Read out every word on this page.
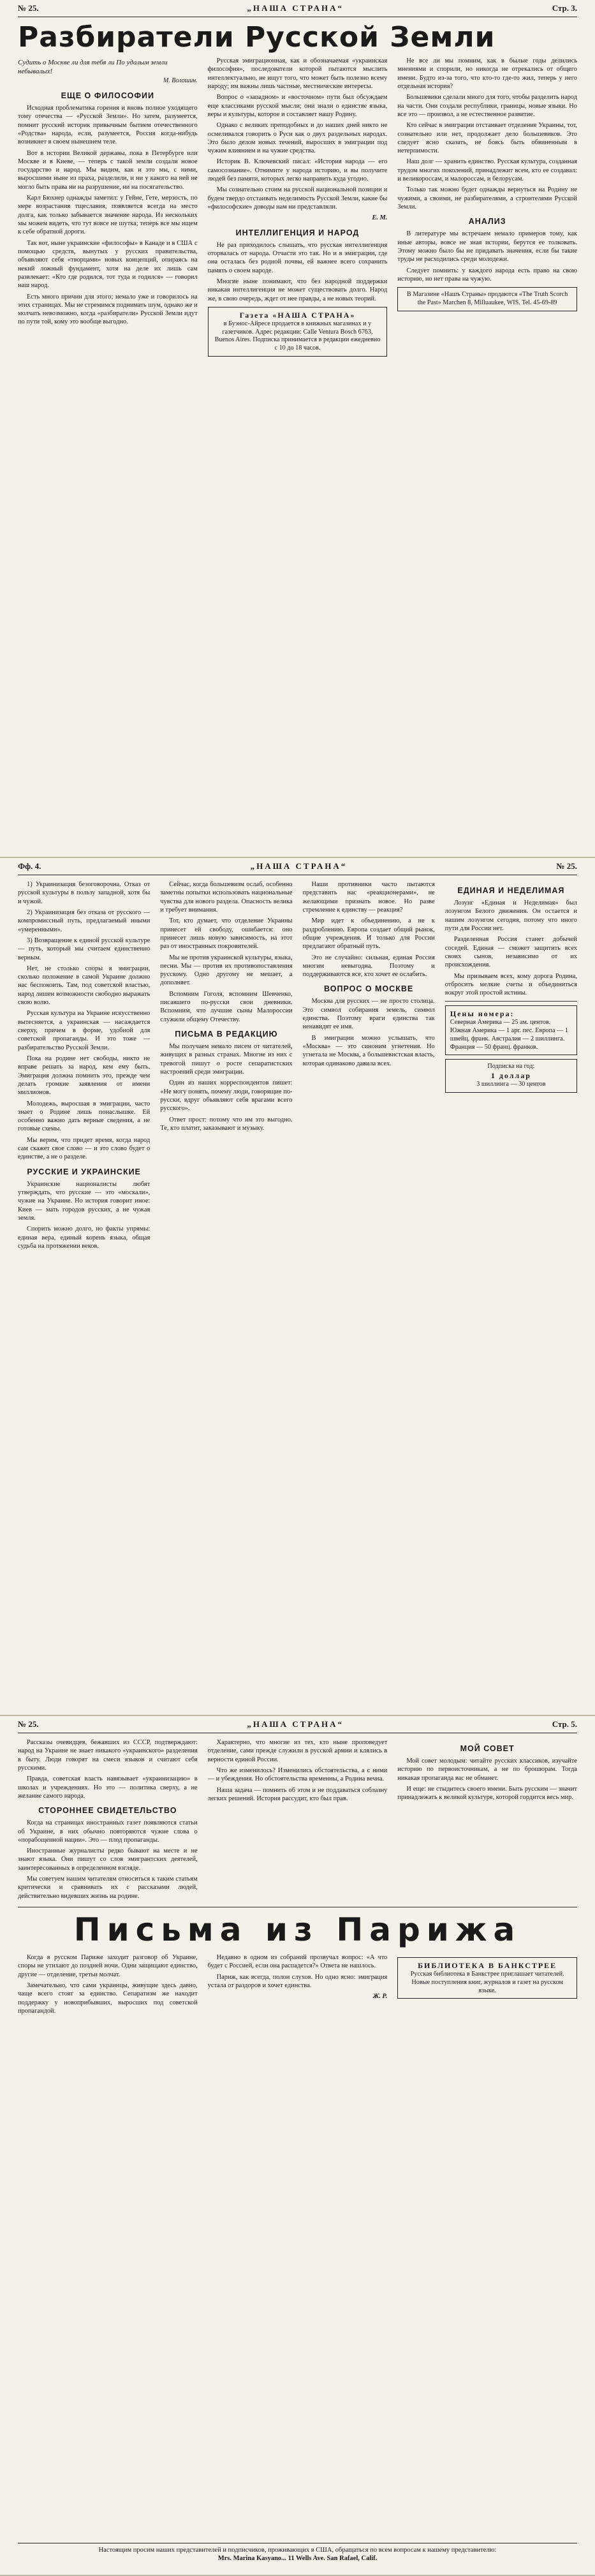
№ 25.	„НАША СТРАНА“	Стр. 3.
Разбиратели Русской Земли
Судить о Москве ли для тебя ли По удалым земли небывалых!
М. Волошин.
ЕЩЕ О ФИЛОСОФИИ

Исходная проблематика горения и вновь полное уходящего тому отечества — «Русской Земли». Но затем, разумеется, помнит русский историк привычным бытием отечественного «Родства» народа, если, разумеется, Россия когда-нибудь возникнет в своем нынешнем теле.

Вот в истории Великой державы, пока в Петербурге или Москве и в Киеве, — теперь с такой земли создали новое государство и народ. Мы видим, как и это мы, с ними, выросшими ныне из праха, разделили, и ни у какого на ней не могло быть права ни на разрушение, ни на посягательство.

Карл Бюхнер однажды заметил: у Гейне, Гете, мерзость, по мере возрастания тщеславия, появляется всегда на место долга, как только забывается значение народа. Из нескольких мы можем видеть, что тут вовсе не шутка; теперь все мы ищем к себе обратной дороги.

Так вот, ныне украинские «философы» в Канаде и в США с помощью средств, вынутых у русских правительства, объявляют себя «творцами» новых концепций, опираясь на некий ложный фундамент, хотя на деле их лишь сам развлекает: «Кто где родился, тот туда и годился» — говорил наш народ.

Есть много причин для этого; немало уже и говорилось на этих страницах. Мы не стремимся поднимать шум, однако же и молчать невозможно, когда «разбиратели» Русской Земли идут по пути той, кому это вообще выгодно.

Русская эмиграционная, как и обозначаемая «украинская философия», последователи которой пытаются мыслить интеллектуально, не ищут того, что может быть полезно всему народу; им важны лишь частные, местнические интересы.

Вопрос о «западном» и «восточном» пути был обсуждаем еще классиками русской мысли; они знали о единстве языка, веры и культуры, которое и составляет нашу Родину.

Однако с великих преподобных и до наших дней никто не осмеливался говорить о Руси как о двух раздельных народах. Это было делом новых течений, выросших в эмиграции под чужим влиянием и на чужие средства.

Историк В. Ключевский писал: «История народа — его самосознание». Отнимите у народа историю, и вы получите людей без памяти, которых легко направить куда угодно.

Мы сознательно стоим на русской национальной позиции и будем твердо отстаивать неделимость Русской Земли, какие бы «философские» доводы нам ни представляли.

Е. М.
ИНТЕЛЛИГЕНЦИЯ И НАРОД

Не раз приходилось слышать, что русская интеллигенция оторвалась от народа. Отчасти это так. Но и в эмиграции, где она осталась без родной почвы, ей важнее всего сохранить память о своем народе.

Многие ныне понимают, что без народной поддержки никакая интеллигенция не может существовать долго. Народ же, в свою очередь, ждет от нее правды, а не новых теорий.

Газета «НАША СТРАНА»
в Буэнос-Айресе продается в книжных магазинах и у газетчиков. Адрес редакции: Calle Ventura Bosch 6763, Buenos Aires. Подписка принимается в редакции ежедневно с 10 до 18 часов.

Не все ли мы помним, как в былые годы делились мнениями и спорили, но никогда не отрекались от общего имени. Будто из-за того, что кто-то где-то жил, теперь у него отдельная история?

Большевики сделали много для того, чтобы разделить народ на части. Они создали республики, границы, новые языки. Но все это — произвол, а не естественное развитие.

Кто сейчас в эмиграции отстаивает отделение Украины, тот, сознательно или нет, продолжает дело большевиков. Это следует ясно сказать, не боясь быть обвиненным в нетерпимости.

Наш долг — хранить единство. Русская культура, созданная трудом многих поколений, принадлежит всем, кто ее создавал: и великороссам, и малороссам, и белорусам.

Только так можно будет однажды вернуться на Родину не чужими, а своими, не разбирателями, а строителями Русской Земли.

АНАЛИЗ

В литературе мы встречаем немало примеров тому, как иные авторы, вовсе не зная истории, берутся ее толковать. Этому можно было бы не придавать значения, если бы такие труды не расходились среди молодежи.

Следует помнить: у каждого народа есть право на свою историю, но нет права на чужую.

В Магазине «Нашъ Страны» продаются «The Truth Scorch the Past» Marchen 8, Milluaukee, WIS. Tel. 45-69-89
Фф. 4.	„НАША СТРАНА“	№ 25.

1) Украинизация безоговорочна. Отказ от русской культуры в пользу западной, хотя бы и чужой.

2) Украинизация без отказа от русского — компромиссный путь, предлагаемый иными «умеренными».

3) Возвращение к единой русской культуре — путь, который мы считаем единственно верным.

Нет, не столько споры в эмиграции, сколько положение в самой Украине должно нас беспокоить. Там, под советской властью, народ лишен возможности свободно выражать свою волю.

Русская культура на Украине искусственно вытесняется, а украинская — насаждается сверху, причем в форме, удобной для советской пропаганды. И это тоже — разбирательство Русской Земли.

Пока на родине нет свободы, никто не вправе решать за народ, кем ему быть. Эмиграция должна помнить это, прежде чем делать громкие заявления от имени миллионов.

Молодежь, выросшая в эмиграции, часто знает о Родине лишь понаслышке. Ей особенно важно дать верные сведения, а не готовые схемы.

Мы верим, что придет время, когда народ сам скажет свое слово — и это слово будет о единстве, а не о разделе.

РУССКИЕ И УКРАИНСКИЕ

Украинские националисты любят утверждать, что русские — это «москали», чужие на Украине. Но история говорит иное: Киев — мать городов русских, а не чужая земля.

Спорить можно долго, но факты упрямы: единая вера, единый корень языка, общая судьба на протяжении веков.

Сейчас, когда большевизм ослаб, особенно заметны попытки использовать национальные чувства для нового раздела. Опасность велика и требует внимания.

Тот, кто думает, что отделение Украины принесет ей свободу, ошибается: оно принесет лишь новую зависимость, на этот раз от иностранных покровителей.

Мы не против украинской культуры, языка, песни. Мы — против их противопоставления русскому. Одно другому не мешает, а дополняет.

Вспомним Гоголя, вспомним Шевченко, писавшего по-русски свои дневники. Вспомним, что лучшие сыны Малороссии служили общему Отечеству.

ПИСЬМА В РЕДАКЦИЮ

Мы получаем немало писем от читателей, живущих в разных странах. Многие из них с тревогой пишут о росте сепаратистских настроений среди эмиграции.

Один из наших корреспондентов пишет: «Не могу понять, почему люди, говорящие по-русски, вдруг объявляют себя врагами всего русского».

Ответ прост: потому что им это выгодно. Те, кто платит, заказывают и музыку.

Наши противники часто пытаются представить нас «реакционерами», не желающими признать новое. Но разве стремление к единству — реакция?

Мир идет к объединению, а не к раздроблению. Европа создает общий рынок, общие учреждения. И только для России предлагают обратный путь.

Это не случайно: сильная, единая Россия многим невыгодна. Поэтому и поддерживаются все, кто хочет ее ослабить.

ВОПРОС О МОСКВЕ

Москва для русских — не просто столица. Это символ собирания земель, символ единства. Поэтому враги единства так ненавидят ее имя.

В эмиграции можно услышать, что «Москва» — это синоним угнетения. Но угнетала не Москва, а большевистская власть, которая одинаково давила всех.

ЕДИНАЯ И НЕДЕЛИМАЯ

Лозунг «Единая и Неделимая» был лозунгом Белого движения. Он остается и нашим лозунгом сегодня, потому что иного пути для России нет.

Разделенная Россия станет добычей соседей. Единая — сможет защитить всех своих сынов, независимо от их происхождения.

Мы призываем всех, кому дорога Родина, отбросить мелкие счеты и объединиться вокруг этой простой истины.

Цены номера:
Северная Америка — 25 ам. центов. Южная Америка — 1 арг. пес. Европа — 1 швейц. франк. Австралия — 2 шиллинга. Франция — 50 франц. франков.
Подписка на год:
1 доллар
3 шиллинга — 30 центов
№ 25.	„НАША СТРАНА“	Стр. 5.

Рассказы очевидцев, бежавших из СССР, подтверждают: народ на Украине не знает никакого «украинского» разделения в быту. Люди говорят на смеси языков и считают себя русскими.

Правда, советская власть навязывает «украинизацию» в школах и учреждениях. Но это — политика сверху, а не желание самого народа.

СТОРОННЕЕ СВИДЕТЕЛЬСТВО

Когда на страницах иностранных газет появляются статьи об Украине, в них обычно повторяются чужие слова о «порабощенной нации». Это — плод пропаганды.

Иностранные журналисты редко бывают на месте и не знают языка. Они пишут со слов эмигрантских деятелей, заинтересованных в определенном взгляде.

Мы советуем нашим читателям относиться к таким статьям критически и сравнивать их с рассказами людей, действительно видевших жизнь на родине.

Характерно, что многие из тех, кто ныне проповедует отделение, сами прежде служили в русской армии и клялись в верности единой России.

Что же изменилось? Изменились обстоятельства, а с ними — и убеждения. Но обстоятельства временны, а Родина вечна.

Наша задача — помнить об этом и не поддаваться соблазну легких решений. История рассудит, кто был прав.

МОЙ СОВЕТ

Мой совет молодым: читайте русских классиков, изучайте историю по первоисточникам, а не по брошюрам. Тогда никакая пропаганда вас не обманет.

И еще: не стыдитесь своего имени. Быть русским — значит принадлежать к великой культуре, которой гордится весь мир.

Письма из Парижа

Когда в русском Париже заходит разговор об Украине, споры не утихают до поздней ночи. Одни защищают единство, другие — отделение, третьи молчат.

Замечательно, что сами украинцы, живущие здесь давно, чаще всего стоят за единство. Сепаратизм же находит поддержку у новоприбывших, выросших под советской пропагандой.

Недавно в одном из собраний прозвучал вопрос: «А что будет с Россией, если она распадется?» Ответа не нашлось.

Париж, как всегда, полон слухов. Но одно ясно: эмиграция устала от раздоров и хочет единства.

Ж. Р.
БИБЛИОТЕКА В БАНКСТРЕЕ
Русская библиотека в Банкстрее приглашает читателей. Новые поступления книг, журналов и газет на русском языке.
Настоящим просим наших представителей и подписчиков, проживающих в США, обращаться по всем вопросам к нашему представителю:
Mrs. Marina Kasyano... 11 Wells Ave. San Rafael, Calif.
